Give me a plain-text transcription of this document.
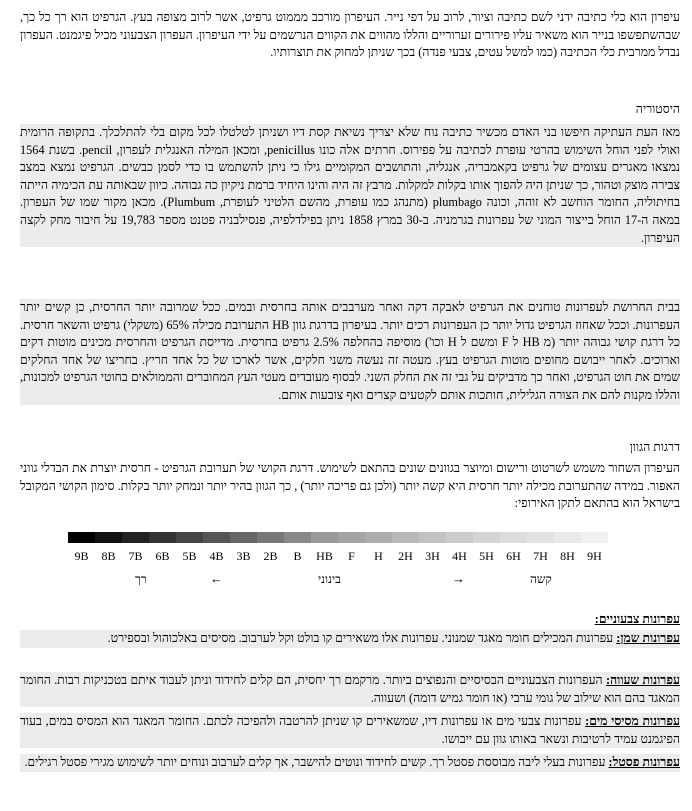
עיפרון הוא כלי כתיבה ידני לשם כתיבה וציור, לרוב על דפי נייר. העיפרון מורכב מממוט גרפיט, אשר לרוב מצופה בעץ. הגרפיט הוא רך כל כך, שבהשתפשפו בנייר הוא משאיר עליו פירורים זערוריים והללו מהווים את הקווים הנרשמים על ידי העיפרון. העפרון הצבעוני מכיל פיגמנט. העפרון נבדל ממרבית כלי הכתיבה (כמו למשל עטים, צבעי פנדה) בכך שניתן למחוק את תוצרותיו.

היסטוריה

מאז העת העתיקה חיפשו בני האדם מכשיר כתיבה נוח שלא יצריך נשיאת קסת דיו ושניתן לטלטלו לכל מקום בלי להתלכלך. בתקופה הרומית ואולי לפני הוחל השימוש בהרטי עופרת לכתיבה על פפירוס. חרתים אלה כונו penicillus, ומכאן המילה האנגלית לעפרון, pencil. בשנת 1564 נמצאו מאגרים עצומים של גרפיט בקאמבריה, אנגליה, והתושבים המקומיים גילו כי ניתן להשתמש בו כדי לסמן כבשים. הגרפיט נמצא במצב צבירה מוצק וטהור, כך שניתן היה להפוך אותו בקלות למקלות. מרבץ זה היה והינו היחיד ברמת ניקיון כה גבוהה. כיוון שבאותה עת הכימיה הייתה בחיתוליה, החומר הוחשב לא זוהה, וכונה plumbago (מתנהג כמו עופרת, מהשם הלטיני לעופרת, Plumbum). מכאן מקור שמו של העפרון. במאה ה-17 הוחל בייצור המוני של עפרונות בגרמניה. ב-30 במרץ 1858 ניתן בפילדלפיה, פנסילבניה פטנט מספר 19,783 על חיבור מחק לקצה העיפרון.

בבית החרושת לעפרונות טוחנים את הגרפיט לאבקה דקה ואחר מערבבים אותה בחרסית ובמים. ככל שמרובה יותר החרסית, כן קשים יותר העפרונות. וככל שאחוז הגרפיט גדול יותר כן העפרונות רכים יותר. בעיפרון בדרגת גוון HB התערובת מכילה 65% (משקלי) גרפיט והשאר חרסית. כל דרגת קושי גבוהה יותר (מ HB ל F ומשם ל H וכו') מוסיפה בהחלפה 2.5% גרפיט בחרסית. מדייסת הגרפיט והחרסית מכינים מוטות דקים וארוכים. לאחר ייבושם מחופים מוטות הגרפיט בעץ. מעטה זה נעשה משני חלקים, אשר לארכו של כל אחד חריץ. בחריצו של אחד החלקים שמים את חוט הגרפיט, ואחר כך מדביקים על גבי זה את החלק השני. לבסוף מעובדים מעטי העץ המחוברים והממולאים בחוטי הגרפיט למכונות, והללו מקנות להם את הצורה הגלילית, חותכות אותם לקטעים קצרים ואף צובעות אותם.

דרגות הגוון

העיפרון השחור משמש לשרטוט ורישום ומיוצר בגוונים שונים בהתאם לשימוש. דרגת הקושי של תערובת הגרפיט - חרסית יוצרת את הבדלי גווני האפור. במידה שהתערובת מכילה יותר חרסית היא קשה יותר (ולכן גם פריכה יותר) , כך הגוון בהיר יותר ונמחק יותר בקלות. סימון הקושי המקובל בישראל הוא בהתאם לתקן האירופי:

9B	8B	7B	6B	5B	4B	3B	2B	B	HB	F	H	2H	3H	4H	5H	6H	7H	8H	9H
רך	←	בינוני	→	קשה

עפרונות צבעוניים:

עפרונות שמן: עפרונות המכילים חומר מאגד שמנוני. עפרונות אלו משאירים קו בולט וקל לערבוב. מסיסים באלכוהול ובספירט.

עפרונות שעווה: העפרונות הצבעוניים הבסיסיים והנפוצים ביותר. מרקמם רך יחסית, הם קלים לחידוד וניתן לעבוד איתם בטכניקות רבות. החומר המאגד בהם הוא שילוב של גומי ערבי (או חומר גמיש דומה) ושעווה.

עפרונות מסיסי מים: עפרונות צבעי מים או עפרונות דיו, שמשאירים קו שניתן להרטבה ולהפיכה לכתם. החומר המאגד הוא המסיס במים, בעוד הפיגמנט עמיד לרטיבות ונשאר באותו גוון עם ייבושו.

עפרונות פסטל: עפרונות בעלי ליבה מבוססת פסטל רך. קשים לחידוד ונוטים להישבר, אך קלים לערבוב ונוחים יותר לשימוש מגירי פסטל רגילים.
